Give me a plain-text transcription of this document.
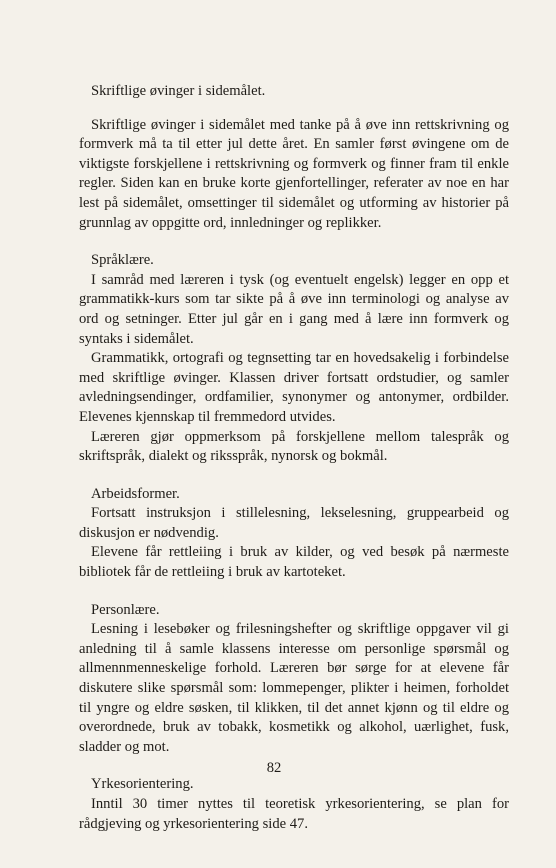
Skriftlige øvinger i sidemålet.

Skriftlige øvinger i sidemålet med tanke på å øve inn rettskrivning og formverk må ta til etter jul dette året. En samler først øvingene om de viktigste forskjellene i rettskrivning og formverk og finner fram til enkle regler. Siden kan en bruke korte gjenfortellinger, referater av noe en har lest på sidemålet, omsettinger til sidemålet og utforming av historier på grunnlag av oppgitte ord, innledninger og replikker.

Språklære.

I samråd med læreren i tysk (og eventuelt engelsk) legger en opp et grammatikk-kurs som tar sikte på å øve inn terminologi og analyse av ord og setninger. Etter jul går en i gang med å lære inn formverk og syntaks i sidemålet.

Grammatikk, ortografi og tegnsetting tar en hovedsakelig i forbindelse med skriftlige øvinger. Klassen driver fortsatt ordstudier, og samler avledningsendinger, ordfamilier, synonymer og antonymer, ordbilder. Elevenes kjennskap til fremmedord utvides.

Læreren gjør oppmerksom på forskjellene mellom talespråk og skriftspråk, dialekt og riksspråk, nynorsk og bokmål.

Arbeidsformer.

Fortsatt instruksjon i stillelesning, lekselesning, gruppearbeid og diskusjon er nødvendig.

Elevene får rettleiing i bruk av kilder, og ved besøk på nærmeste bibliotek får de rettleiing i bruk av kartoteket.

Personlære.

Lesning i lesebøker og frilesningshefter og skriftlige oppgaver vil gi anledning til å samle klassens interesse om personlige spørsmål og allmennmenneskelige forhold. Læreren bør sørge for at elevene får diskutere slike spørsmål som: lommepenger, plikter i heimen, forholdet til yngre og eldre søsken, til klikken, til det annet kjønn og til eldre og overordnede, bruk av tobakk, kosmetikk og alkohol, uærlighet, fusk, sladder og mot.

Yrkesorientering.

Inntil 30 timer nyttes til teoretisk yrkesorientering, se plan for rådgjeving og yrkesorientering side 47.

82
